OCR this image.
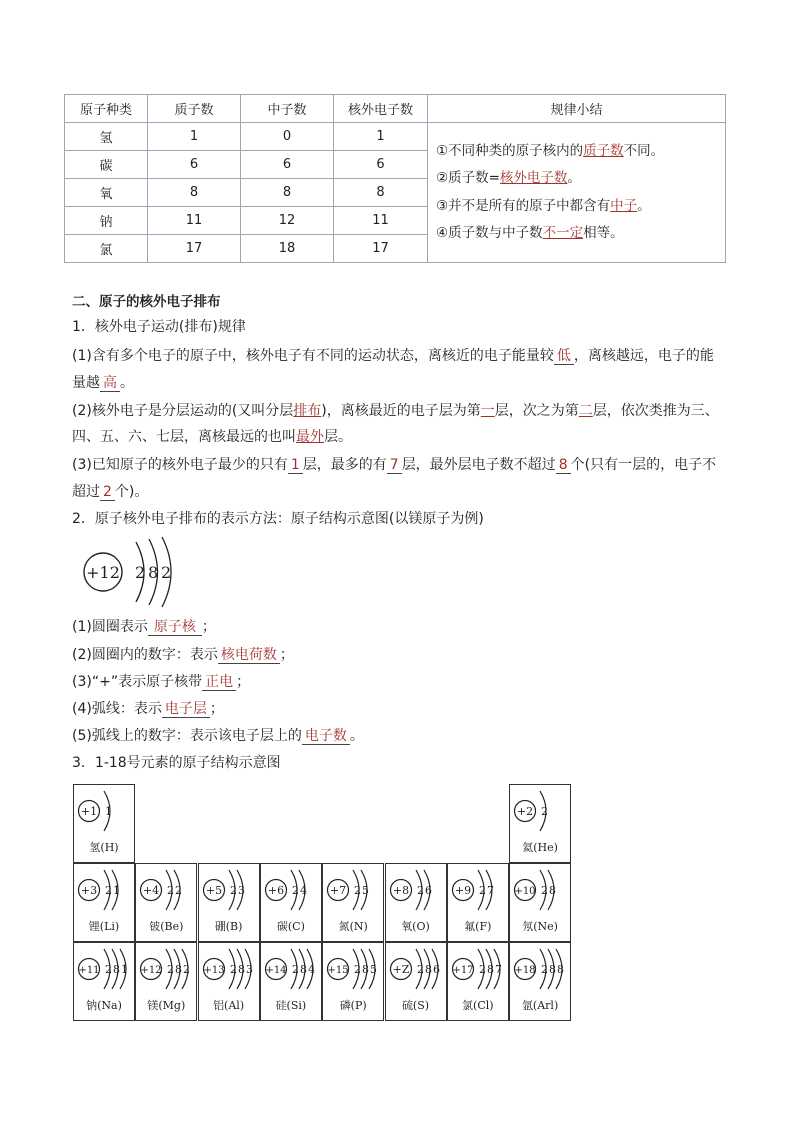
原子种类	质子数	中子数	核外电子数	规律小结
氢	1	0	1	①不同种类的原子核内的质子数不同。
②质子数=核外电子数。
③并不是所有的原子中都含有中子。
④质子数与中子数不一定相等。

碳	6	6	6	
氧	8	8	8	
钠	11	12	11	
氯	17	18	17	
二、原子的核外电子排布
1．核外电子运动(排布)规律
(1)含有多个电子的原子中，核外电子有不同的运动状态，离核近的电子能量较 低 ，离核越远，电子的能
量越 高 。
(2)核外电子是分层运动的(又叫分层排布)，离核最近的电子层为第一层，次之为第二层，依次类推为三、
四、五、六、七层，离核最远的也叫最外层。
(3)已知原子的核外电子最少的只有 1 层，最多的有 7 层，最外层电子数不超过 8 个(只有一层的，电子不
超过 2 个)。
2．原子核外电子排布的表示方法：原子结构示意图(以镁原子为例)
+12 2 8 2
(1)圆圈表示 原子核 ；
(2)圆圈内的数字：表示 核电荷数 ；
(3)“+”表示原子核带 正电 ；
(4)弧线：表示 电子层 ；
(5)弧线上的数字：表示该电子层上的 电子数 。
3．1-18号元素的原子结构示意图
+1 1
氢(H)
+2 2
氦(He)
+3 2 1
锂(Li)
+4 2 2
铍(Be)
+5 2 3
硼(B)
+6 2 4
碳(C)
+7 2 5
氮(N)
+8 2 6
氧(O)
+9 2 7
氟(F)
+10 2 8
氖(Ne)
+11 2 8 1
钠(Na)
+12 2 8 2
镁(Mg)
+13 2 8 3
铝(Al)
+14 2 8 4
硅(Si)
+15 2 8 5
磷(P)
+Z 2 8 6
硫(S)
+17 2 8 7
氯(Cl)
+18 2 8 8
氩(Arl)
